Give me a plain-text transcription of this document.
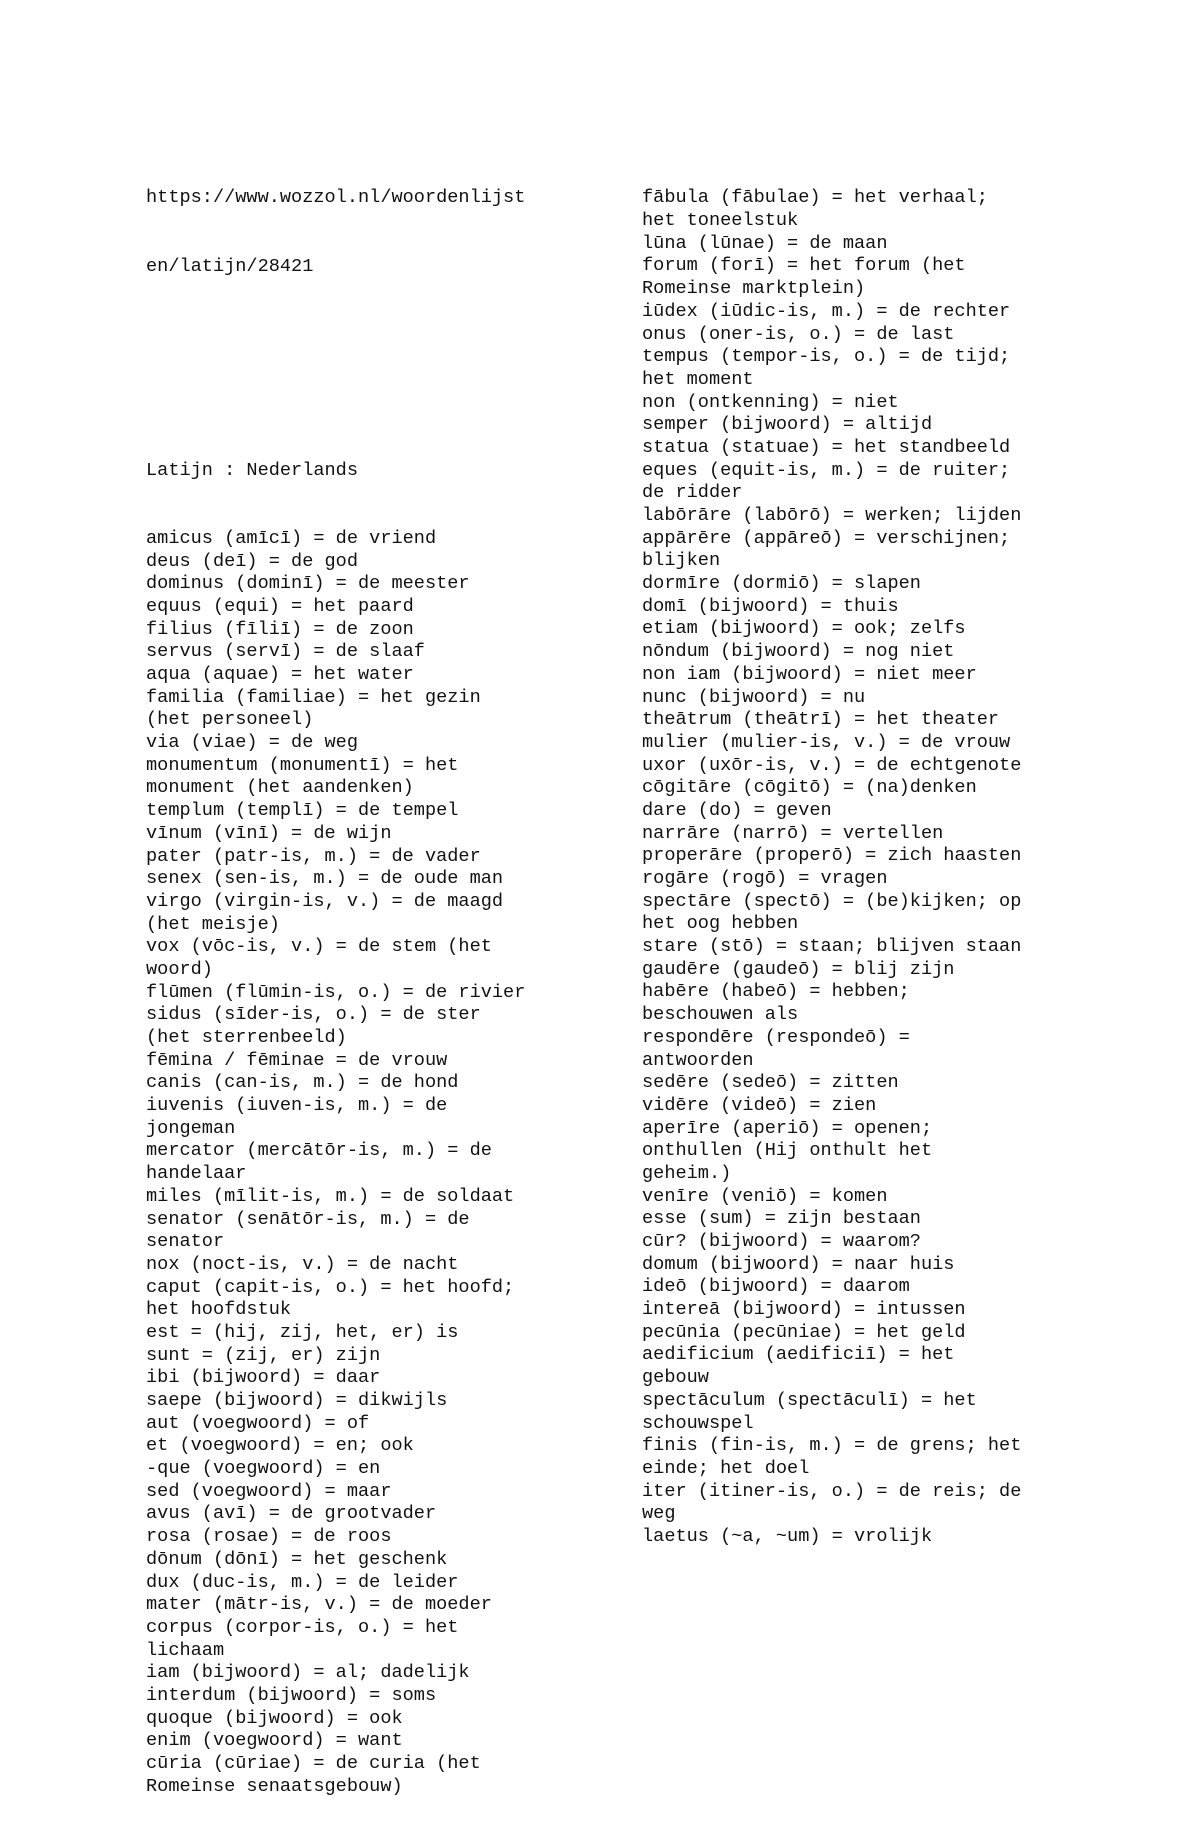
https://www.wozzol.nl/woordenlijst

en/latijn/28421

Latijn : Nederlands

amicus (amīcī) = de vriend
deus (deī) = de god
dominus (dominī) = de meester
equus (equi) = het paard
filius (fīliī) = de zoon
servus (servī) = de slaaf
aqua (aquae) = het water
familia (familiae) = het gezin
(het personeel)
via (viae) = de weg
monumentum (monumentī) = het
monument (het aandenken)
templum (templī) = de tempel
vīnum (vīnī) = de wijn
pater (patr-is, m.) = de vader
senex (sen-is, m.) = de oude man
virgo (virgin-is, v.) = de maagd
(het meisje)
vox (vōc-is, v.) = de stem (het
woord)
flūmen (flūmin-is, o.) = de rivier
sidus (sīder-is, o.) = de ster
(het sterrenbeeld)
fēmina / fēminae = de vrouw
canis (can-is, m.) = de hond
iuvenis (iuven-is, m.) = de
jongeman
mercator (mercātōr-is, m.) = de
handelaar
miles (mīlit-is, m.) = de soldaat
senator (senātōr-is, m.) = de
senator
nox (noct-is, v.) = de nacht
caput (capit-is, o.) = het hoofd;
het hoofdstuk
est = (hij, zij, het, er) is
sunt = (zij, er) zijn
ibi (bijwoord) = daar
saepe (bijwoord) = dikwijls
aut (voegwoord) = of
et (voegwoord) = en; ook
-que (voegwoord) = en
sed (voegwoord) = maar
avus (avī) = de grootvader
rosa (rosae) = de roos
dōnum (dōnī) = het geschenk
dux (duc-is, m.) = de leider
mater (mātr-is, v.) = de moeder
corpus (corpor-is, o.) = het
lichaam
iam (bijwoord) = al; dadelijk
interdum (bijwoord) = soms
quoque (bijwoord) = ook
enim (voegwoord) = want
cūria (cūriae) = de curia (het
Romeinse senaatsgebouw)

fābula (fābulae) = het verhaal;
het toneelstuk
lūna (lūnae) = de maan
forum (forī) = het forum (het
Romeinse marktplein)
iūdex (iūdic-is, m.) = de rechter
onus (oner-is, o.) = de last
tempus (tempor-is, o.) = de tijd;
het moment
non (ontkenning) = niet
semper (bijwoord) = altijd
statua (statuae) = het standbeeld
eques (equit-is, m.) = de ruiter;
de ridder
labōrāre (labōrō) = werken; lijden
appārēre (appāreō) = verschijnen;
blijken
dormīre (dormiō) = slapen
domī (bijwoord) = thuis
etiam (bijwoord) = ook; zelfs
nōndum (bijwoord) = nog niet
non iam (bijwoord) = niet meer
nunc (bijwoord) = nu
theātrum (theātrī) = het theater
mulier (mulier-is, v.) = de vrouw
uxor (uxōr-is, v.) = de echtgenote
cōgitāre (cōgitō) = (na)denken
dare (do) = geven
narrāre (narrō) = vertellen
properāre (properō) = zich haasten
rogāre (rogō) = vragen
spectāre (spectō) = (be)kijken; op
het oog hebben
stare (stō) = staan; blijven staan
gaudēre (gaudeō) = blij zijn
habēre (habeō) = hebben;
beschouwen als
respondēre (respondeō) =
antwoorden
sedēre (sedeō) = zitten
vidēre (videō) = zien
aperīre (aperiō) = openen;
onthullen (Hij onthult het
geheim.)
venīre (veniō) = komen
esse (sum) = zijn bestaan
cūr? (bijwoord) = waarom?
domum (bijwoord) = naar huis
ideō (bijwoord) = daarom
intereā (bijwoord) = intussen
pecūnia (pecūniae) = het geld
aedificium (aedificiī) = het
gebouw
spectāculum (spectāculī) = het
schouwspel
finis (fin-is, m.) = de grens; het
einde; het doel
iter (itiner-is, o.) = de reis; de
weg
laetus (~a, ~um) = vrolijk
